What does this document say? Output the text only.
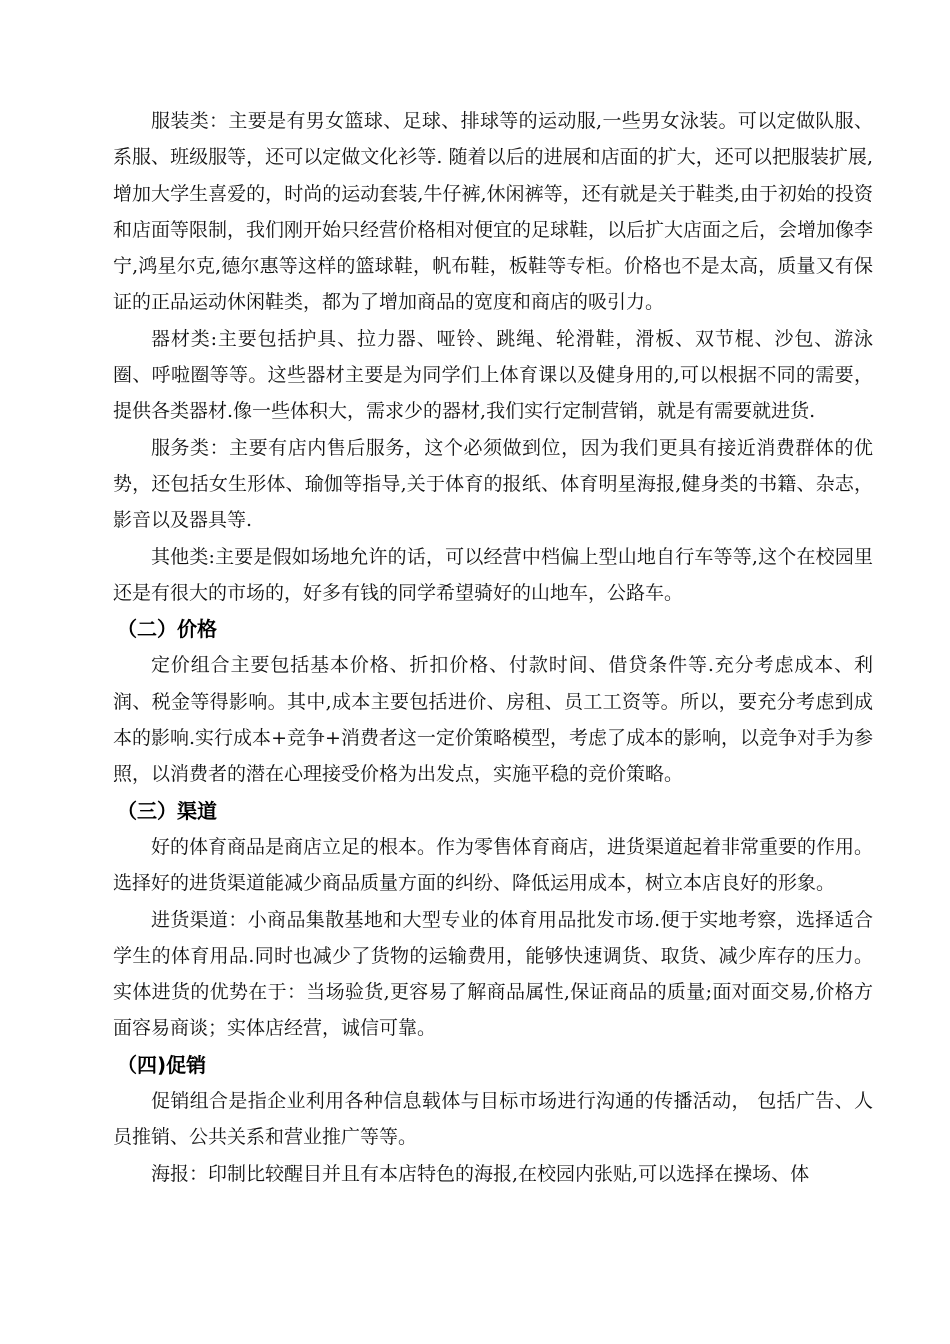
服装类：主要是有男女篮球、足球、排球等的运动服,一些男女泳装。可以定做队服、系服、班级服等，还可以定做文化衫等. 随着以后的进展和店面的扩大，还可以把服装扩展,增加大学生喜爱的，时尚的运动套装,牛仔裤,休闲裤等，还有就是关于鞋类,由于初始的投资和店面等限制，我们刚开始只经营价格相对便宜的足球鞋，以后扩大店面之后，会增加像李宁,鸿星尔克,德尔惠等这样的篮球鞋，帆布鞋，板鞋等专柜。价格也不是太高，质量又有保证的正品运动休闲鞋类，都为了增加商品的宽度和商店的吸引力。

器材类:主要包括护具、拉力器、哑铃、跳绳、轮滑鞋，滑板、双节棍、沙包、游泳圈、呼啦圈等等。这些器材主要是为同学们上体育课以及健身用的,可以根据不同的需要，提供各类器材.像一些体积大，需求少的器材,我们实行定制营销，就是有需要就进货.

服务类：主要有店内售后服务，这个必须做到位，因为我们更具有接近消费群体的优势，还包括女生形体、瑜伽等指导,关于体育的报纸、体育明星海报,健身类的书籍、杂志，影音以及器具等.

其他类:主要是假如场地允许的话，可以经营中档偏上型山地自行车等等,这个在校园里还是有很大的市场的，好多有钱的同学希望骑好的山地车，公路车。

（二）价格

定价组合主要包括基本价格、折扣价格、付款时间、借贷条件等.充分考虑成本、利润、税金等得影响。其中,成本主要包括进价、房租、员工工资等。所以，要充分考虑到成本的影响.实行成本+竞争+消费者这一定价策略模型，考虑了成本的影响，以竞争对手为参照，以消费者的潜在心理接受价格为出发点，实施平稳的竞价策略。

（三）渠道

好的体育商品是商店立足的根本。作为零售体育商店，进货渠道起着非常重要的作用。选择好的进货渠道能减少商品质量方面的纠纷、降低运用成本，树立本店良好的形象。

进货渠道：小商品集散基地和大型专业的体育用品批发市场.便于实地考察，选择适合学生的体育用品.同时也减少了货物的运输费用，能够快速调货、取货、减少库存的压力。实体进货的优势在于：当场验货,更容易了解商品属性,保证商品的质量;面对面交易,价格方面容易商谈；实体店经营，诚信可靠。

（四)促销

促销组合是指企业利用各种信息载体与目标市场进行沟通的传播活动， 包括广告、人员推销、公共关系和营业推广等等。

海报：印制比较醒目并且有本店特色的海报,在校园内张贴,可以选择在操场、体
